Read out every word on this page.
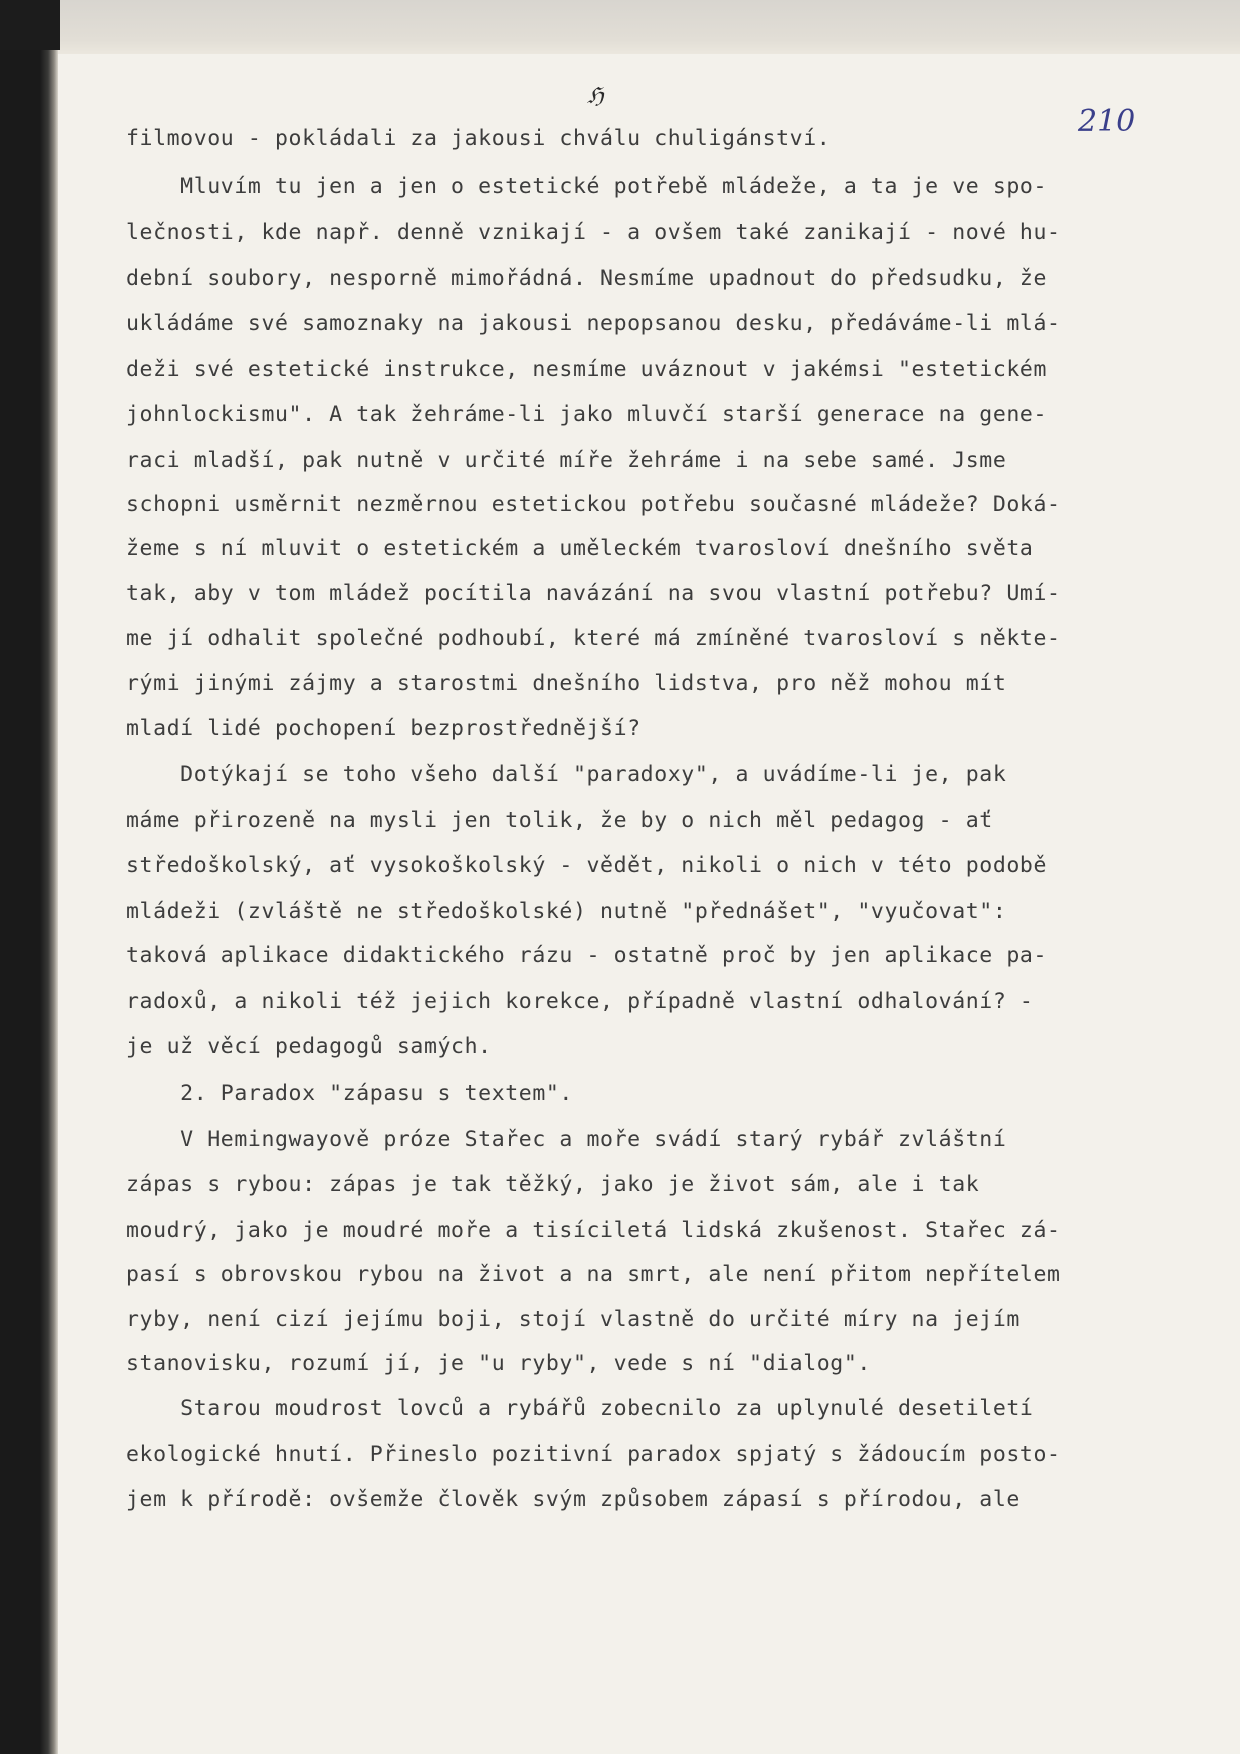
ℌ
210
filmovou - pokládali za jakousi chválu chuligánství.
Mluvím tu jen a jen o estetické potřebě mládeže, a ta je ve spo-
lečnosti, kde např. denně vznikají - a ovšem také zanikají - nové hu-
dební soubory, nesporně mimořádná. Nesmíme upadnout do předsudku, že
ukládáme své samoznaky na jakousi nepopsanou desku, předáváme-li mlá-
deži své estetické instrukce, nesmíme uváznout v jakémsi "estetickém
johnlockismu". A tak žehráme-li jako mluvčí starší generace na gene-
raci mladší, pak nutně v určité míře žehráme i na sebe samé. Jsme
schopni usměrnit nezměrnou estetickou potřebu současné mládeže? Doká-
žeme s ní mluvit o estetickém a uměleckém tvarosloví dnešního světa
tak, aby v tom mládež pocítila navázání na svou vlastní potřebu? Umí-
me jí odhalit společné podhoubí, které má zmíněné tvarosloví s někte-
rými jinými zájmy a starostmi dnešního lidstva, pro něž mohou mít
mladí lidé pochopení bezprostřednější?
Dotýkají se toho všeho další "paradoxy", a uvádíme-li je, pak
máme přirozeně na mysli jen tolik, že by o nich měl pedagog - ať
středoškolský, ať vysokoškolský - vědět, nikoli o nich v této podobě
mládeži (zvláště ne středoškolské) nutně "přednášet", "vyučovat":
taková aplikace didaktického rázu - ostatně proč by jen aplikace pa-
radoxů, a nikoli též jejich korekce, případně vlastní odhalování? -
je už věcí pedagogů samých.
2. Paradox "zápasu s textem".
V Hemingwayově próze Stařec a moře svádí starý rybář zvláštní
zápas s rybou: zápas je tak těžký, jako je život sám, ale i tak
moudrý, jako je moudré moře a tisíciletá lidská zkušenost. Stařec zá-
pasí s obrovskou rybou na život a na smrt, ale není přitom nepřítelem
ryby, není cizí jejímu boji, stojí vlastně do určité míry na jejím
stanovisku, rozumí jí, je "u ryby", vede s ní "dialog".
Starou moudrost lovců a rybářů zobecnilo za uplynulé desetiletí
ekologické hnutí. Přineslo pozitivní paradox spjatý s žádoucím posto-
jem k přírodě: ovšemže člověk svým způsobem zápasí s přírodou, ale
